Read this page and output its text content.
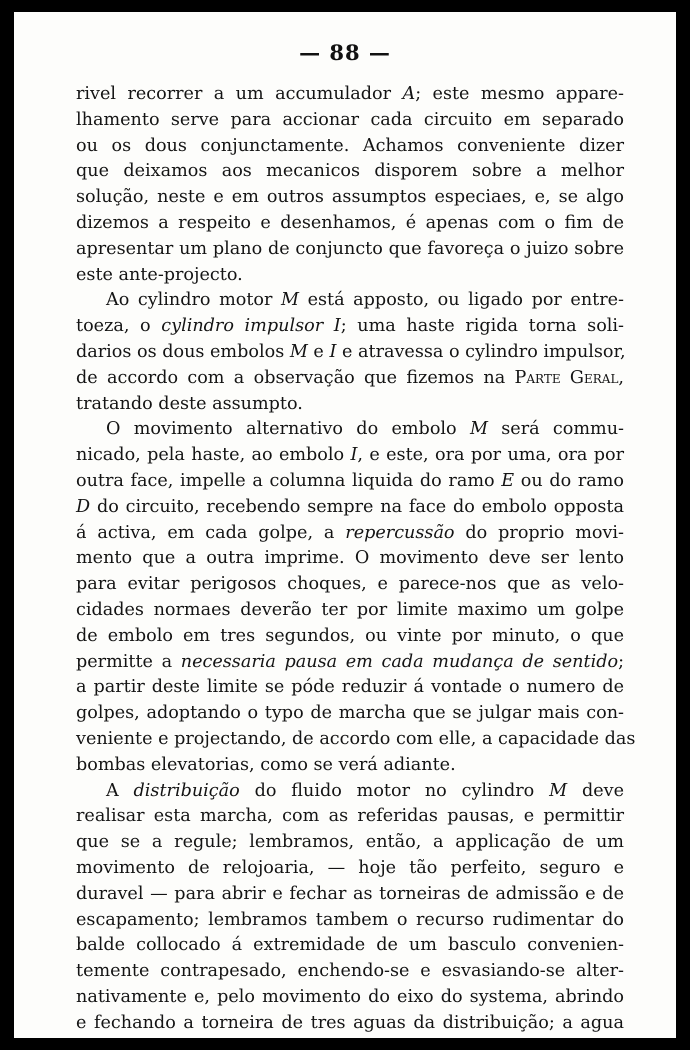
— 88 —
rivel recorrer a um accumulador A; este mesmo appare-
lhamento serve para accionar cada circuito em separado
ou os dous conjunctamente. Achamos conveniente dizer
que deixamos aos mecanicos disporem sobre a melhor
solução, neste e em outros assumptos especiaes, e, se algo
dizemos a respeito e desenhamos, é apenas com o fim de
apresentar um plano de conjuncto que favoreça o juizo sobre
este ante-projecto.
Ao cylindro motor M está apposto, ou ligado por entre-
toeza, o cylindro impulsor I; uma haste rigida torna soli-
darios os dous embolos M e I e atravessa o cylindro impulsor,
de accordo com a observação que fizemos na Parte Geral,
tratando deste assumpto.
O movimento alternativo do embolo M será commu-
nicado, pela haste, ao embolo I, e este, ora por uma, ora por
outra face, impelle a columna liquida do ramo E ou do ramo
D do circuito, recebendo sempre na face do embolo opposta
á activa, em cada golpe, a repercussão do proprio movi-
mento que a outra imprime. O movimento deve ser lento
para evitar perigosos choques, e parece-nos que as velo-
cidades normaes deverão ter por limite maximo um golpe
de embolo em tres segundos, ou vinte por minuto, o que
permitte a necessaria pausa em cada mudança de sentido;
a partir deste limite se póde reduzir á vontade o numero de
golpes, adoptando o typo de marcha que se julgar mais con-
veniente e projectando, de accordo com elle, a capacidade das
bombas elevatorias, como se verá adiante.
A distribuição do fluido motor no cylindro M deve
realisar esta marcha, com as referidas pausas, e permittir
que se a regule; lembramos, então, a applicação de um
movimento de relojoaria, — hoje tão perfeito, seguro e
duravel — para abrir e fechar as torneiras de admissão e de
escapamento; lembramos tambem o recurso rudimentar do
balde collocado á extremidade de um basculo convenien-
temente contrapesado, enchendo-se e esvasiando-se alter-
nativamente e, pelo movimento do eixo do systema, abrindo
e fechando a torneira de tres aguas da distribuição; a agua
